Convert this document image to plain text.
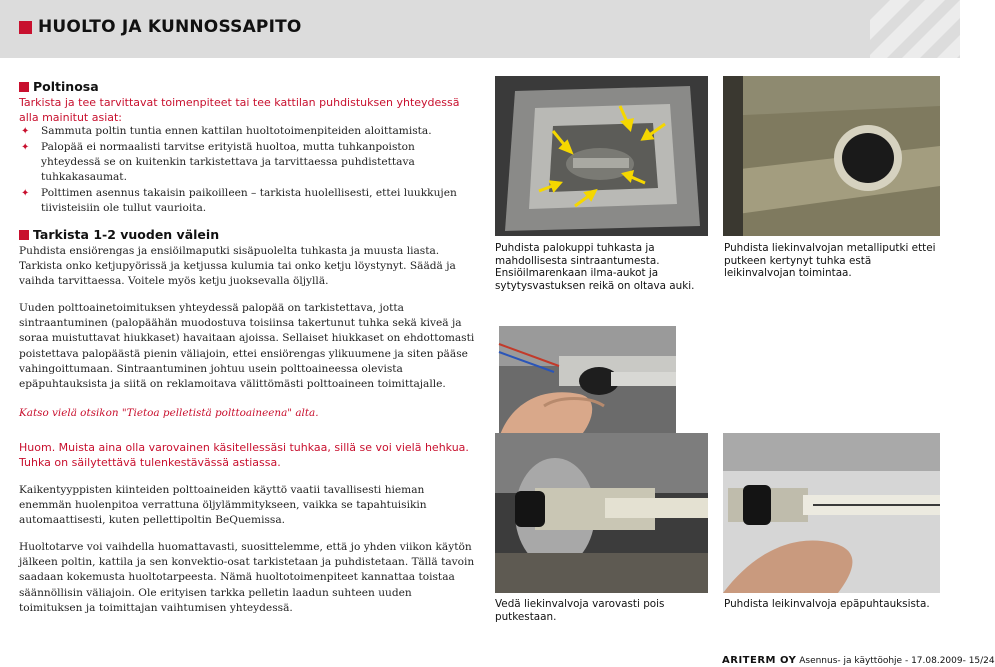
HUOLTO JA KUNNOSSAPITO
Poltinosa
Tarkista ja tee tarvittavat toimenpiteet tai tee kattilan puhdistuksen yhteydessä alla mainitut asiat:
✦ Sammuta poltin tuntia ennen kattilan huoltotoimenpiteiden aloittamista.
✦ Palopää ei normaalisti tarvitse erityistä huoltoa, mutta tuhkanpoiston yhteydessä se on kuitenkin tarkistettava ja tarvittaessa puhdistettava tuhkakasaumat.
✦ Polttimen asennus takaisin paikoilleen – tarkista huolellisesti, ettei luukkujen tiivisteisiin ole tullut vaurioita.
Tarkista 1-2 vuoden välein
Puhdista ensiörengas ja ensiöilmaputki sisäpuolelta tuhkasta ja muusta liasta. Tarkista onko ketjupyörissä ja ketjussa kulumia tai onko ketju löystynyt. Säädä ja vaihda tarvittaessa. Voitele myös ketju juoksevalla öljyllä.
Uuden polttoainetoimituksen yhteydessä palopää on tarkistettava, jotta sintraantuminen (palopäähän muodostuva toisiinsa takertunut tuhka sekä kiveä ja soraa muistuttavat hiukkaset) havaitaan ajoissa. Sellaiset hiukkaset on ehdottomasti poistettava palopäästä pienin väliajoin, ettei ensiörengas ylikuumene ja siten pääse vahingoittumaan. Sintraantuminen johtuu usein polttoaineessa olevista epäpuhtauksista ja siitä on reklamoitava välittömästi polttoaineen toimittajalle.
Katso vielä otsikon "Tietoa pelletistä polttoaineena" alta.
Huom. Muista aina olla varovainen käsitellessäsi tuhkaa, sillä se voi vielä hehkua. Tuhka on säilytettävä tulenkestävässä astiassa.
Kaikentyyppisten kiinteiden polttoaineiden käyttö vaatii tavallisesti hieman enemmän huolenpitoa verrattuna öljylämmitykseen, vaikka se tapahtuisikin automaattisesti, kuten pellettipoltin BeQuemissa.
Huoltotarve voi vaihdella huomattavasti, suosittelemme, että jo yhden viikon käytön jälkeen poltin, kattila ja sen konvektio-osat tarkistetaan ja puhdistetaan. Tällä tavoin saadaan kokemusta huoltotarpeesta. Nämä huoltotoimenpiteet kannattaa toistaa säännöllisin väliajoin. Ole erityisen tarkka pelletin laadun suhteen uuden toimituksen ja toimittajan vaihtumisen yhteydessä.
Puhdista palokuppi tuhkasta ja mahdollisesta sintraantumesta. Ensiöilmarenkaan ilma-aukot ja sytytysvastuksen reikä on oltava auki.
Puhdista liekinvalvojan metalliputki ettei putkeen kertynyt tuhka estä leikinvalvojan toimintaa.
Vedä liekinvalvoja varovasti pois putkestaan.
Puhdista leikinvalvoja epäpuhtauksista.
ARITERM OY Asennus- ja käyttöohje - 17.08.2009- 15/24
